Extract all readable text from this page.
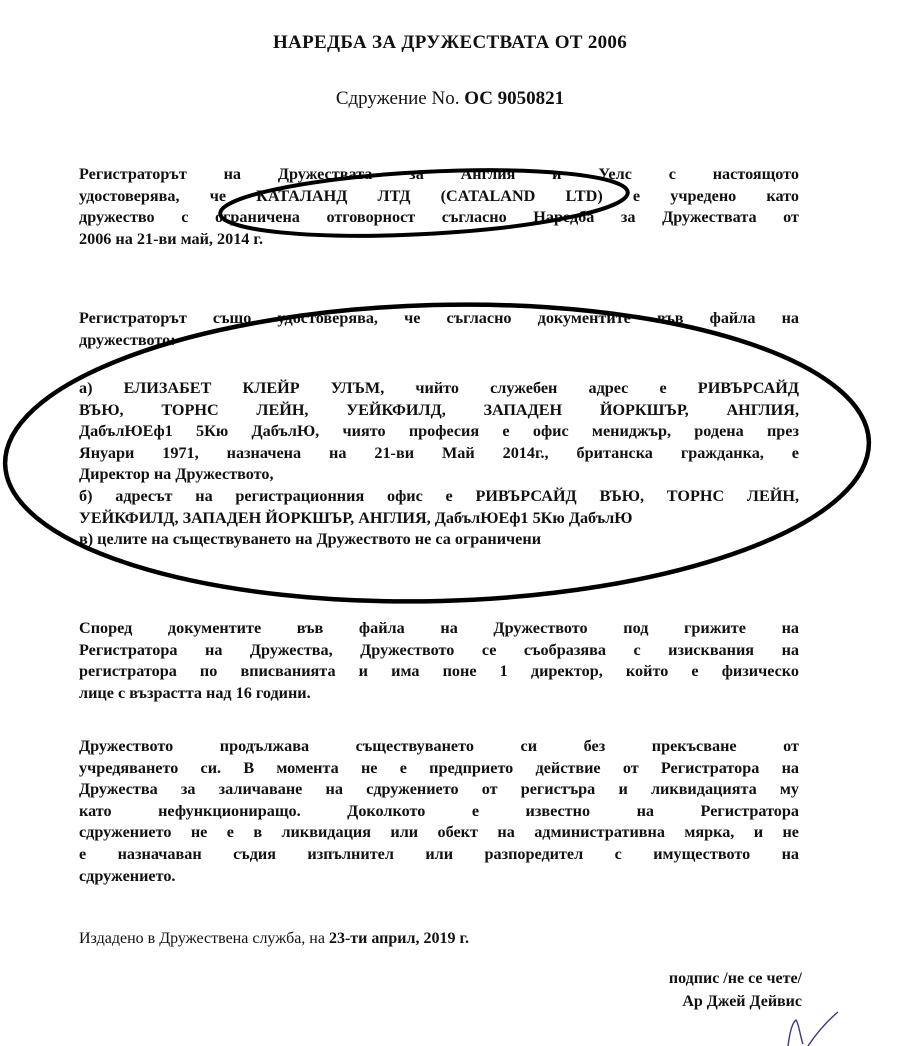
НАРЕДБА ЗА ДРУЖЕСТВАТА ОТ 2006
Сдружение No. ОС 9050821
Регистраторът на Дружествата за Англия и Уелс с настоящото
удостоверява, че КАТАЛАНД ЛТД (CATALAND LTD) е учредено като
дружество с ограничена отговорност съгласно Наредба за Дружествата от
2006 на 21-ви май, 2014 г.
Регистраторът също удостоверява, че съгласно документите във файла на
дружеството:
а) ЕЛИЗАБЕТ КЛЕЙР УЛЪМ, чийто служебен адрес е РИВЪРСАЙД
ВЪЮ, ТОРНС ЛЕЙН, УЕЙКФИЛД, ЗАПАДЕН ЙОРКШЪР, АНГЛИЯ,
ДабълЮЕф1 5Кю ДабълЮ, чиято професия е офис мениджър, родена през
Януари 1971, назначена на 21-ви Май 2014г., британска гражданка, е
Директор на Дружеството,
б) адресът на регистрационния офис е РИВЪРСАЙД ВЪЮ, ТОРНС ЛЕЙН,
УЕЙКФИЛД, ЗАПАДЕН ЙОРКШЪР, АНГЛИЯ, ДабълЮЕф1 5Кю ДабълЮ
в) целите на съществуването на Дружеството не са ограничени
Според документите във файла на Дружеството под грижите на
Регистратора на Дружества, Дружеството се съобразява с изисквания на
регистратора по вписванията и има поне 1 директор, който е физическо
лице с възрастта над 16 години.
Дружеството продължава съществуването си без прекъсване от
учредяването си. В момента не е предприето действие от Регистратора на
Дружества за заличаване на сдружението от регистъра и ликвидацията му
като нефункциониращо. Доколкото е известно на Регистратора
сдружението не е в ликвидация или обект на административна мярка, и не
е назначаван съдия изпълнител или разпоредител с имуществото на
сдружението.
Издадено в Дружествена служба, на 23-ти април, 2019 г.
подпис /не се чете/
Ар Джей Дейвис
